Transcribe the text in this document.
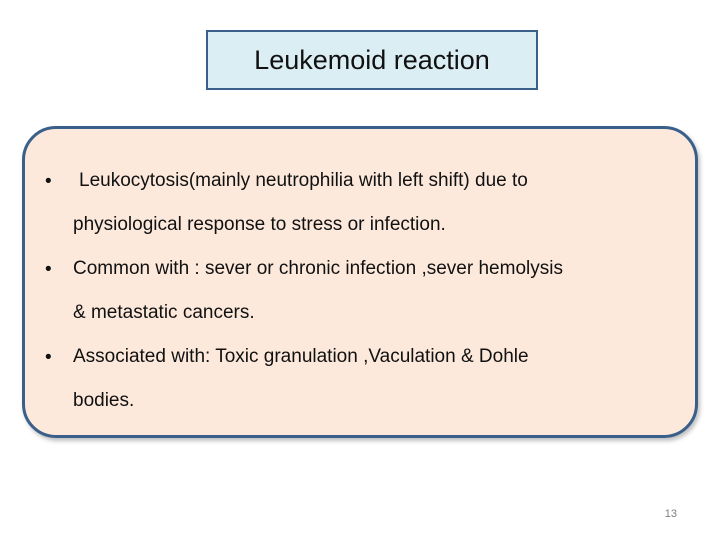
Leukemoid reaction
•	Leukocytosis(mainly neutrophilia with left shift) due to
physiological response to stress or infection.
• Common with : sever or chronic infection ,sever hemolysis
& metastatic cancers.
• Associated with: Toxic granulation ,Vaculation & Dohle
bodies.
13
